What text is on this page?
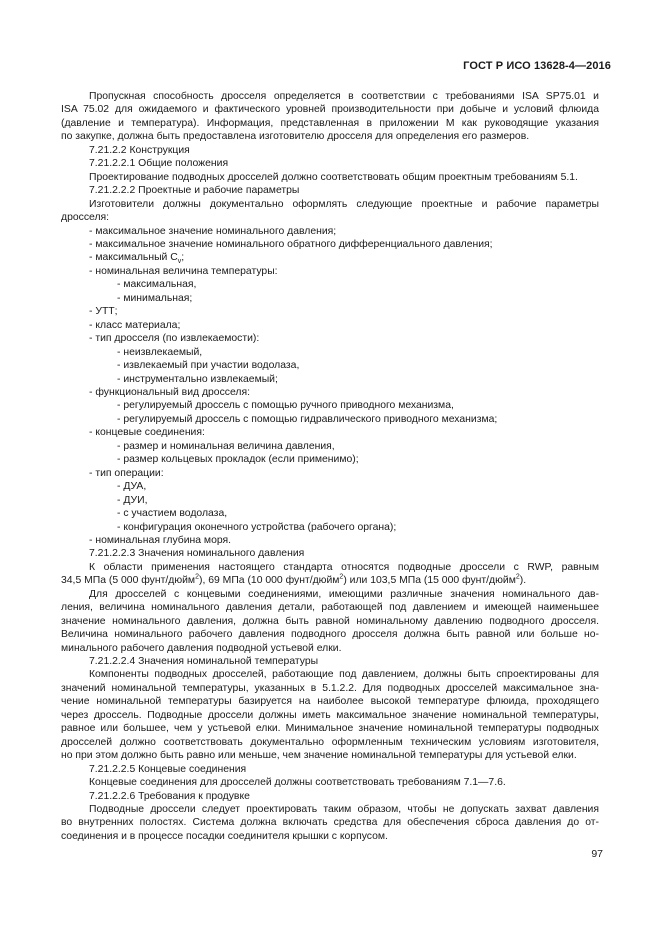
ГОСТ Р ИСО 13628-4—2016
Пропускная способность дросселя определяется в соответствии с требованиями ISA SP75.01 и
ISA 75.02 для ожидаемого и фактического уровней производительности при добыче и условий флюида
(давление и температура). Информация, представленная в приложении М как руководящие указания
по закупке, должна быть предоставлена изготовителю дросселя для определения его размеров.
7.21.2.2 Конструкция
7.21.2.2.1 Общие положения
Проектирование подводных дросселей должно соответствовать общим проектным требованиям 5.1.
7.21.2.2.2 Проектные и рабочие параметры
Изготовители должны документально оформлять следующие проектные и рабочие параметры
дросселя:
- максимальное значение номинального давления;
- максимальное значение номинального обратного дифференциального давления;
- максимальный $C_v$;
- номинальная величина температуры:
- максимальная,
- минимальная;
- УТТ;
- класс материала;
- тип дросселя (по извлекаемости):
- неизвлекаемый,
- извлекаемый при участии водолаза,
- инструментально извлекаемый;
- функциональный вид дросселя:
- регулируемый дроссель с помощью ручного приводного механизма,
- регулируемый дроссель с помощью гидравлического приводного механизма;
- концевые соединения:
- размер и номинальная величина давления,
- размер кольцевых прокладок (если применимо);
- тип операции:
- ДУА,
- ДУИ,
- с участием водолаза,
- конфигурация оконечного устройства (рабочего органа);
- номинальная глубина моря.
7.21.2.2.3 Значения номинального давления
К области применения настоящего стандарта относятся подводные дроссели с RWP, равным
34,5 МПа (5 000 фунт/дюйм$^2$), 69 МПа (10 000 фунт/дюйм$^2$) или 103,5 МПа (15 000 фунт/дюйм$^2$).
Для дросселей с концевыми соединениями, имеющими различные значения номинального дав-
ления, величина номинального давления детали, работающей под давлением и имеющей наименьшее
значение номинального давления, должна быть равной номинальному давлению подводного дросселя.
Величина номинального рабочего давления подводного дросселя должна быть равной или больше но-
минального рабочего давления подводной устьевой елки.
7.21.2.2.4 Значения номинальной температуры
Компоненты подводных дросселей, работающие под давлением, должны быть спроектированы для
значений номинальной температуры, указанных в 5.1.2.2. Для подводных дросселей максимальное зна-
чение номинальной температуры базируется на наиболее высокой температуре флюида, проходящего
через дроссель. Подводные дроссели должны иметь максимальное значение номинальной температуры,
равное или большее, чем у устьевой елки. Минимальное значение номинальной температуры подводных
дросселей должно соответствовать документально оформленным техническим условиям изготовителя,
но при этом должно быть равно или меньше, чем значение номинальной температуры для устьевой елки.
7.21.2.2.5 Концевые соединения
Концевые соединения для дросселей должны соответствовать требованиям 7.1—7.6.
7.21.2.2.6 Требования к продувке
Подводные дроссели следует проектировать таким образом, чтобы не допускать захват давления
во внутренних полостях. Система должна включать средства для обеспечения сброса давления до от-
соединения и в процессе посадки соединителя крышки с корпусом.
97
